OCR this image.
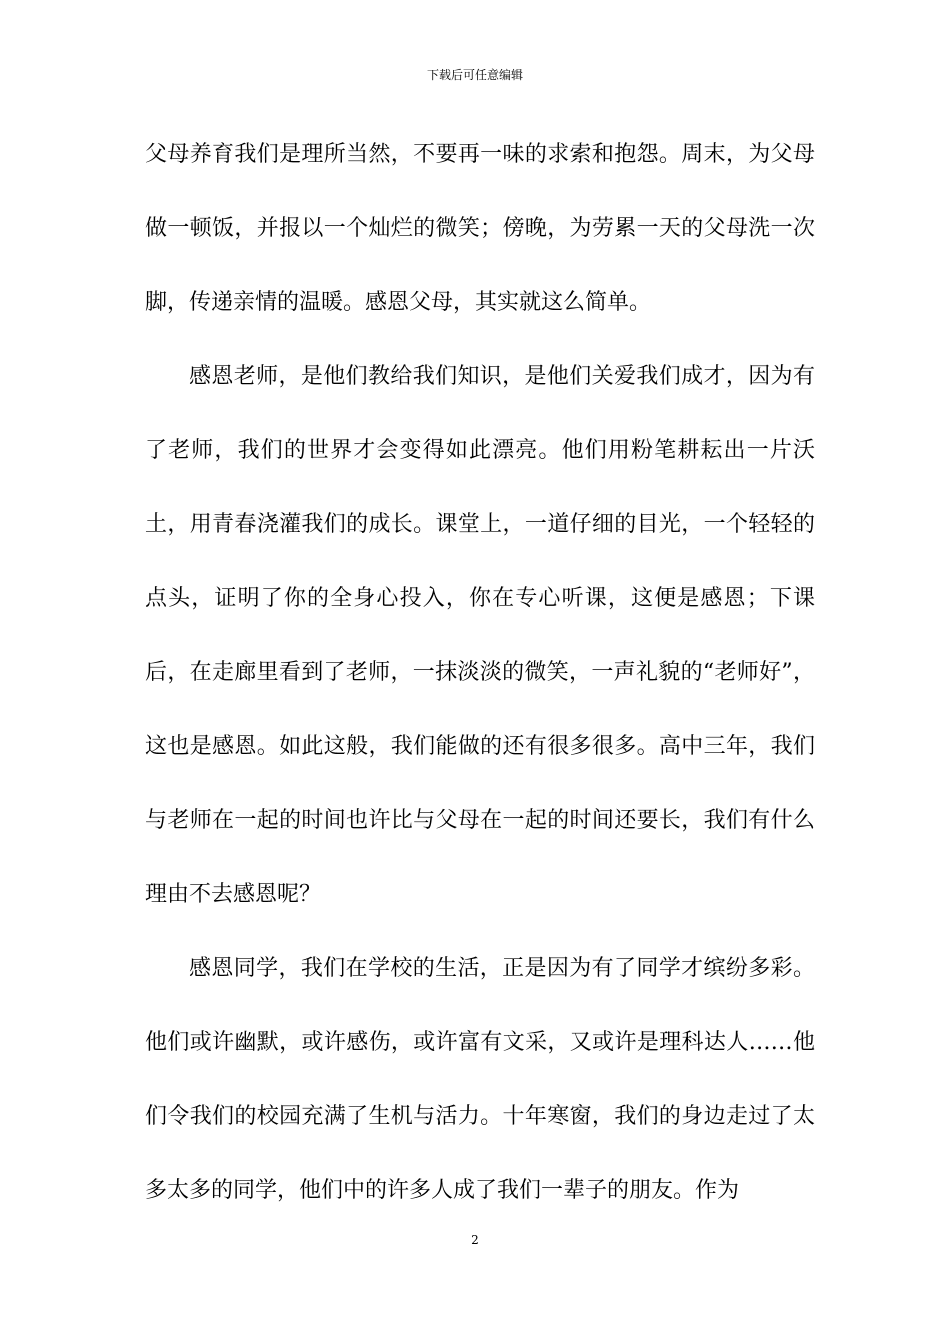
下载后可任意编辑

父母养育我们是理所当然，不要再一味的求索和抱怨。周末，为父母做一顿饭，并报以一个灿烂的微笑；傍晚，为劳累一天的父母洗一次脚，传递亲情的温暖。感恩父母，其实就这么简单。

感恩老师，是他们教给我们知识，是他们关爱我们成才，因为有了老师，我们的世界才会变得如此漂亮。他们用粉笔耕耘出一片沃土，用青春浇灌我们的成长。课堂上，一道仔细的目光，一个轻轻的点头，证明了你的全身心投入，你在专心听课，这便是感恩；下课后，在走廊里看到了老师，一抹淡淡的微笑，一声礼貌的“老师好”，这也是感恩。如此这般，我们能做的还有很多很多。高中三年，我们与老师在一起的时间也许比与父母在一起的时间还要长，我们有什么理由不去感恩呢？

感恩同学，我们在学校的生活，正是因为有了同学才缤纷多彩。他们或许幽默，或许感伤，或许富有文采，又或许是理科达人……他们令我们的校园充满了生机与活力。十年寒窗，我们的身边走过了太多太多的同学，他们中的许多人成了我们一辈子的朋友。作为

2
